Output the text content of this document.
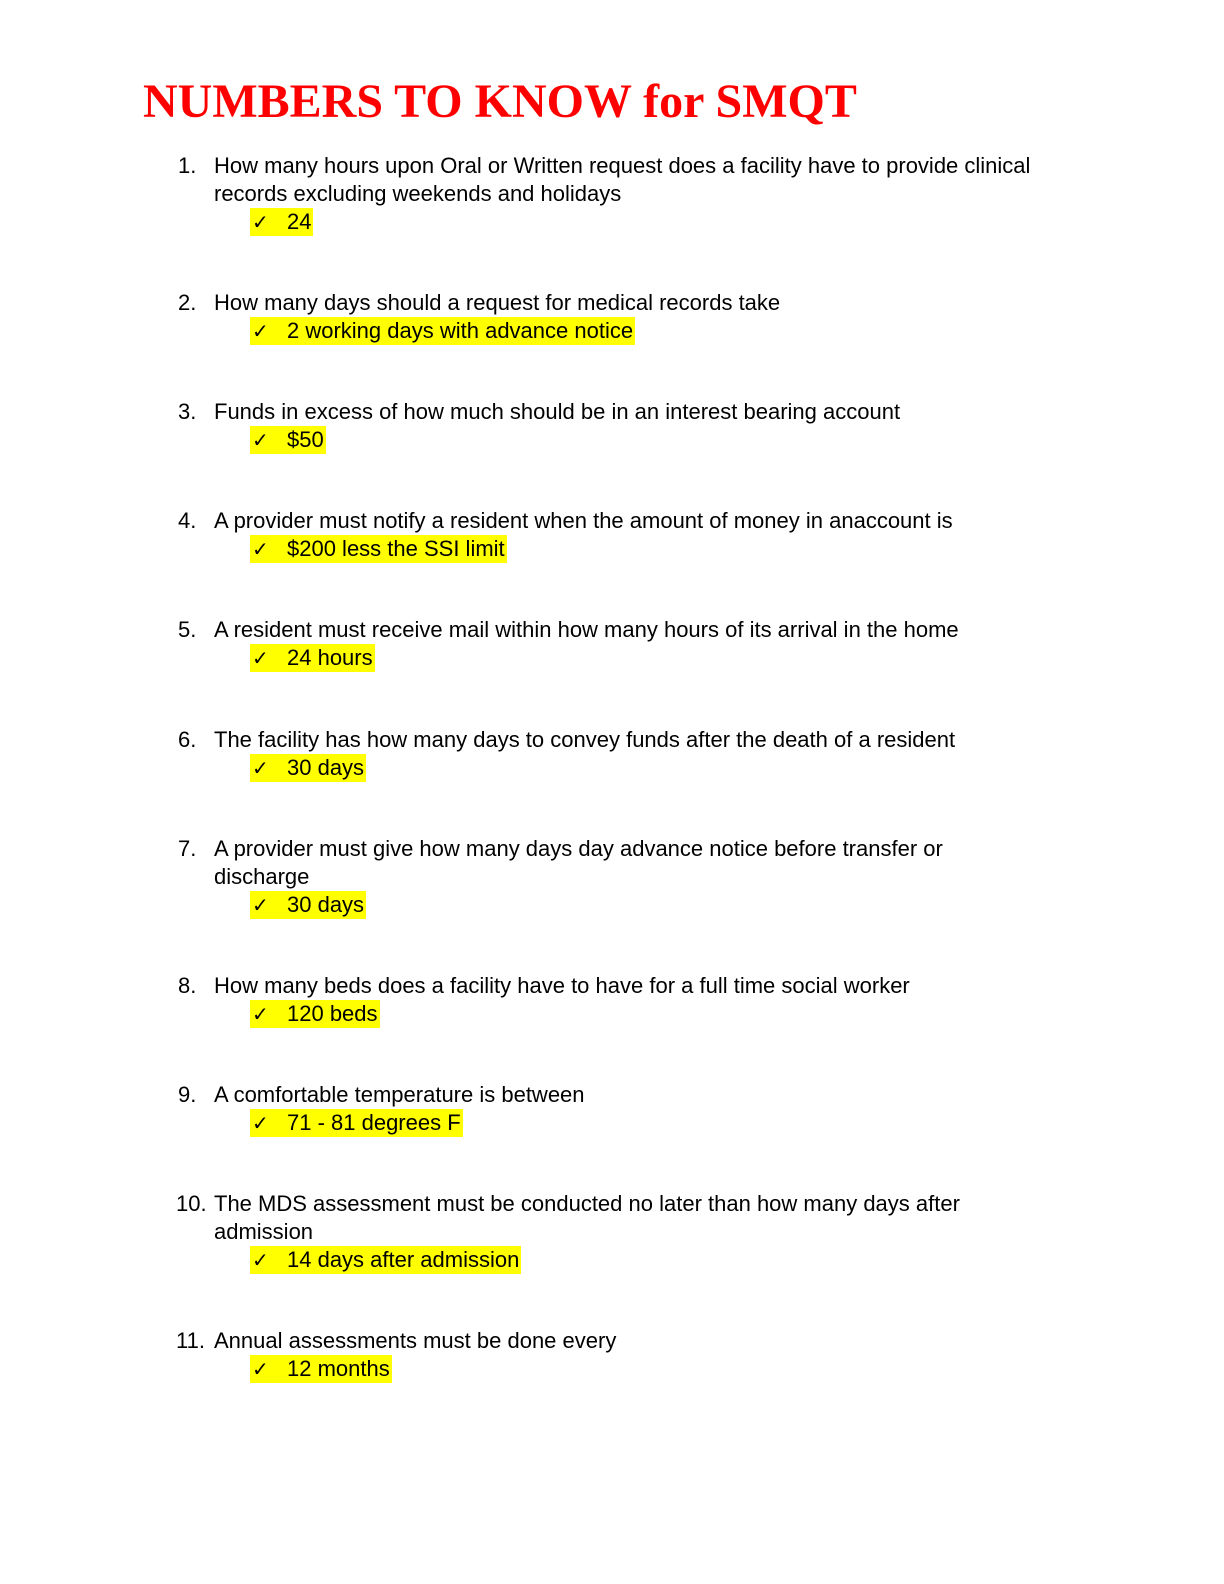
NUMBERS TO KNOW for SMQT
1. How many hours upon Oral or Written request does a facility have to provide clinical records excluding weekends and holidays
✓ 24
2. How many days should a request for medical records take
✓ 2 working days with advance notice
3. Funds in excess of how much should be in an interest bearing account
✓ $50
4. A provider must notify a resident when the amount of money in anaccount is
✓ $200 less the SSI limit
5. A resident must receive mail within how many hours of its arrival in the home
✓ 24 hours
6. The facility has how many days to convey funds after the death of a resident
✓ 30 days
7. A provider must give how many days day advance notice before transfer or discharge
✓ 30 days
8. How many beds does a facility have to have for a full time social worker
✓ 120 beds
9. A comfortable temperature is between
✓ 71 - 81 degrees F
10. The MDS assessment must be conducted no later than how many days after admission
✓ 14 days after admission
11. Annual assessments must be done every
✓ 12 months
